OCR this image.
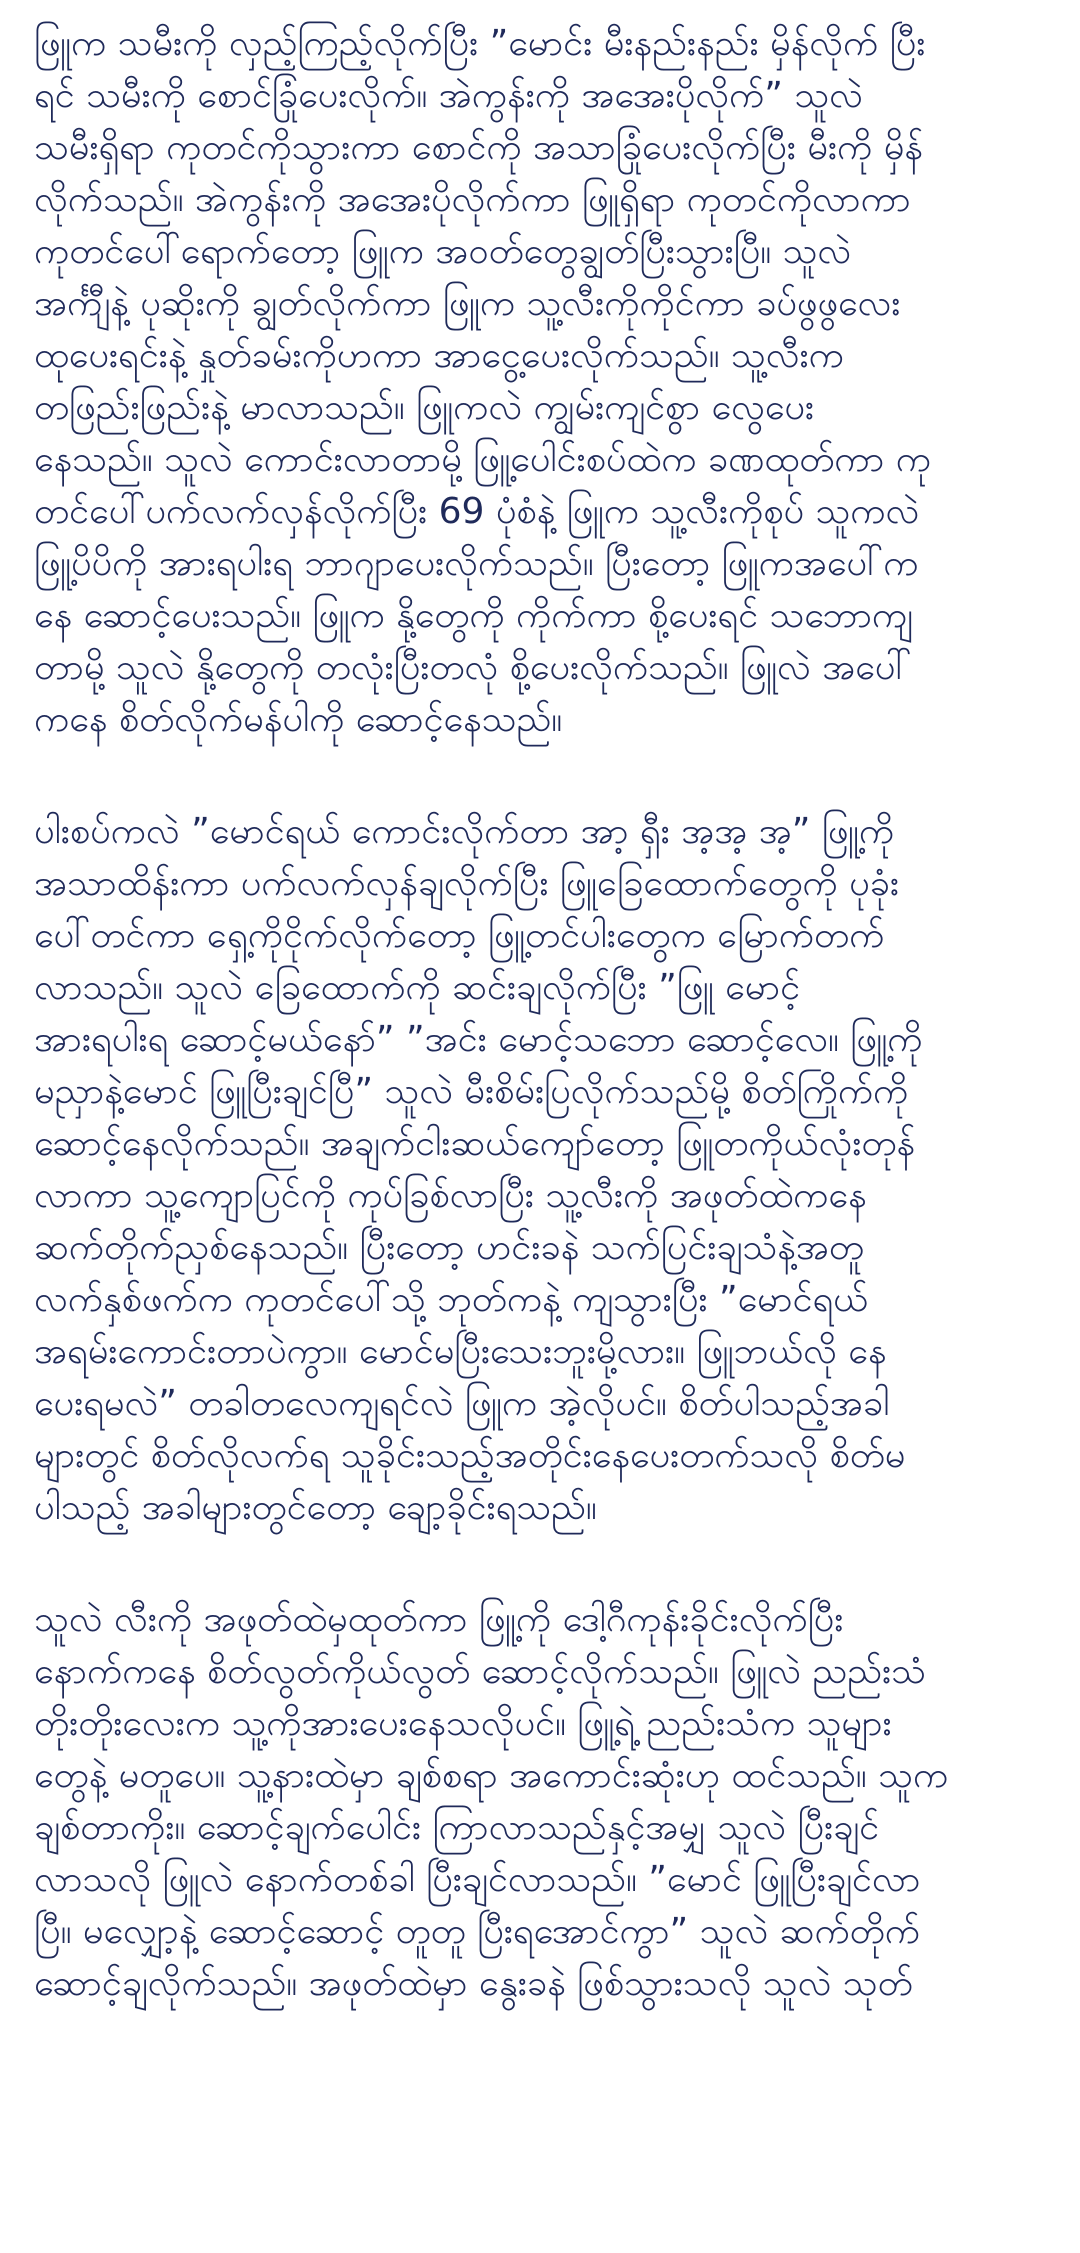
ဖြူက သမီးကို လှည့်ကြည့်လိုက်ပြီး ”မောင်း မီးနည်းနည်း မှိန်လိုက် ပြီး
ရင် သမီးကို စောင်ခြုံပေးလိုက်။ အဲကွန်းကို အအေးပိုလိုက်” သူလဲ
သမီးရှိရာ ကုတင်ကိုသွားကာ စောင်ကို အသာခြုံပေးလိုက်ပြီး မီးကို မှိန်
လိုက်သည်။ အဲကွန်းကို အအေးပိုလိုက်ကာ ဖြူရှိရာ ကုတင်ကိုလာကာ
ကုတင်ပေါ်ရောက်တော့ ဖြူက အဝတ်တွေချွတ်ပြီးသွားပြီ။ သူလဲ
အင်္ကျီနဲ့ ပုဆိုးကို ချွတ်လိုက်ကာ ဖြူက သူ့လီးကိုကိုင်ကာ ခပ်ဖွဖွလေး
ထုပေးရင်းနဲ့ နှုတ်ခမ်းကိုဟကာ အာငွေ့ပေးလိုက်သည်။ သူ့လီးက
တဖြည်းဖြည်းနဲ့ မာလာသည်။ ဖြူကလဲ ကျွမ်းကျင်စွာ လွေပေး
နေသည်။ သူလဲ ကောင်းလာတာမို့ ဖြူ့ပေါင်းစပ်ထဲက ခဏထုတ်ကာ ကု
တင်ပေါ်ပက်လက်လှန်လိုက်ပြီး 69 ပုံစံနဲ့ ဖြူက သူ့လီးကိုစုပ် သူကလဲ
ဖြူ့ပိပိကို အားရပါးရ ဘာဂျာပေးလိုက်သည်။ ပြီးတော့ ဖြူကအပေါ်က
နေ ဆောင့်ပေးသည်။ ဖြူက နို့တွေကို ကိုက်ကာ စို့ပေးရင် သဘောကျ
တာမို့ သူလဲ နို့တွေကို တလုံးပြီးတလုံ စို့ပေးလိုက်သည်။ ဖြူလဲ အပေါ်
ကနေ စိတ်လိုက်မန်ပါကို ဆောင့်နေသည်။

ပါးစပ်ကလဲ ”မောင်ရယ် ကောင်းလိုက်တာ အာ့ ရှီး အ့အ့ အ့” ဖြူ့ကို
အသာထိန်းကာ ပက်လက်လှန်ချလိုက်ပြီး ဖြူခြေထောက်တွေကို ပုခုံး
ပေါ်တင်ကာ ရှေ့ကိုငိုက်လိုက်တော့ ဖြူ့တင်ပါးတွေက မြောက်တက်
လာသည်။ သူလဲ ခြေထောက်ကို ဆင်းချလိုက်ပြီး ”ဖြူ မောင့်
အားရပါးရ ဆောင့်မယ်နော်” ”အင်း မောင့်သဘော ဆောင့်လေ။ ဖြူ့ကို
မညှာနဲ့မောင် ဖြူပြီးချင်ပြီ” သူလဲ မီးစိမ်းပြလိုက်သည်မို့ စိတ်ကြိုက်ကို
ဆောင့်နေလိုက်သည်။ အချက်ငါးဆယ်ကျော်တော့ ဖြူတကိုယ်လုံးတုန်
လာကာ သူ့ကျောပြင်ကို ကုပ်ခြစ်လာပြီး သူ့လီးကို အဖုတ်ထဲကနေ
ဆက်တိုက်ညှစ်နေသည်။ ပြီးတော့ ဟင်းခနဲ သက်ပြင်းချသံနဲ့အတူ
လက်နှစ်ဖက်က ကုတင်ပေါ်သို့ ဘုတ်ကနဲ့ ကျသွားပြီး ”မောင်ရယ်
အရမ်းကောင်းတာပဲကွာ။ မောင်မပြီးသေးဘူးမို့လား။ ဖြူဘယ်လို နေ
ပေးရမလဲ” တခါတလေကျရင်လဲ ဖြူက အဲ့လိုပင်။ စိတ်ပါသည့်အခါ
များတွင် စိတ်လိုလက်ရ သူခိုင်းသည့်အတိုင်းနေပေးတက်သလို စိတ်မ
ပါသည့် အခါများတွင်တော့ ချော့ခိုင်းရသည်။

သူလဲ လီးကို အဖုတ်ထဲမှထုတ်ကာ ဖြူ့ကို ဒေါ့ဂီကုန်းခိုင်းလိုက်ပြီး
နောက်ကနေ စိတ်လွတ်ကိုယ်လွတ် ဆောင့်လိုက်သည်။ ဖြူလဲ ညည်းသံ
တိုးတိုးလေးက သူ့ကိုအားပေးနေသလိုပင်။ ဖြူ့ရဲ့ ညည်းသံက သူများ
တွေနဲ့ မတူပေ။ သူ့နားထဲမှာ ချစ်စရာ အကောင်းဆုံးဟု ထင်သည်။ သူက
ချစ်တာကိုး။ ဆောင့်ချက်ပေါင်း ကြာလာသည်နှင့်အမျှ သူလဲ ပြီးချင်
လာသလို ဖြူလဲ နောက်တစ်ခါ ပြီးချင်လာသည်။ ”မောင် ဖြူပြီးချင်လာ
ပြီ။ မလျှော့နဲ့ ဆောင့်ဆောင့် တူတူ ပြီးရအောင်ကွာ” သူလဲ ဆက်တိုက်
ဆောင့်ချလိုက်သည်။ အဖုတ်ထဲမှာ နွေးခနဲ ဖြစ်သွားသလို သူလဲ သုတ်
